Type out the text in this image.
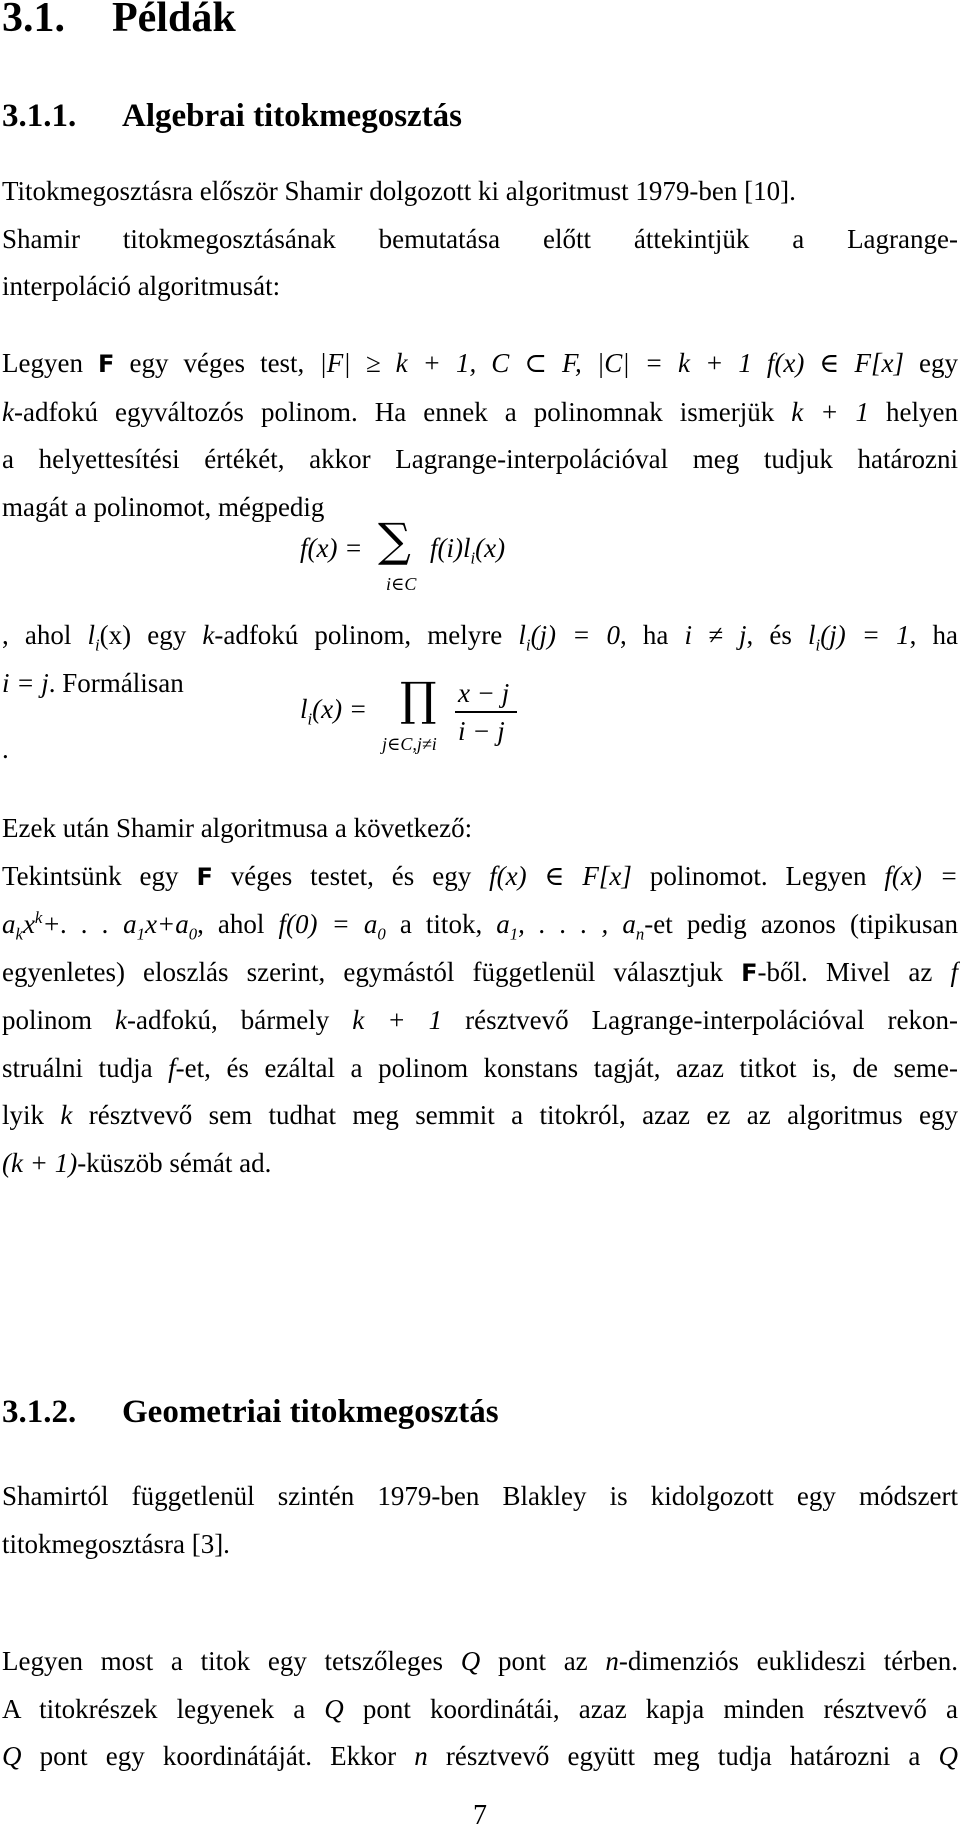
3.1. Példák
3.1.1. Algebrai titokmegosztás
Titokmegosztásra először Shamir dolgozott ki algoritmust 1979-ben [10].
Shamir titokmegosztásának bemutatása előtt áttekintjük a Lagrange-
interpoláció algoritmusát:
Legyen F egy véges test, |F| ≥ k + 1, C ⊂ F, |C| = k + 1 f(x) ∈ F[x] egy
k-adfokú egyváltozós polinom. Ha ennek a polinomnak ismerjük k + 1 helyen
a helyettesítési értékét, akkor Lagrange-interpolációval meg tudjuk határozni
magát a polinomot, mégpedig
f(x) = ∑
i∈C
$f(i)l_i(x)$
, ahol $l_i(x)$ egy k-adfokú polinom, melyre $l_i(j) = 0$, ha i ≠ j, és $l_i(j) = 1$, ha
i = j. Formálisan
$l_i(x)$ = ∏
j∈C,j≠i
x − j
i − j
.
Ezek után Shamir algoritmusa a következő:
Tekintsünk egy F véges testet, és egy f(x) ∈ F[x] polinomot. Legyen f(x) =
$a_kx^k+$. . . $a_1x+a_0$, ahol $f(0) = a_0$ a titok, $a_1$, . . . , $a_n-et$ pedig azonos (tipikusan
egyenletes) eloszlás szerint, egymástól függetlenül választjuk F-ből. Mivel az f
polinom k-adfokú, bármely k + 1 résztvevő Lagrange-interpolációval rekon-
struálni tudja f-et, és ezáltal a polinom konstans tagját, azaz titkot is, de seme-
lyik k résztvevő sem tudhat meg semmit a titokról, azaz ez az algoritmus egy
(k + 1)-küszöb sémát ad.
3.1.2. Geometriai titokmegosztás
Shamirtól függetlenül szintén 1979-ben Blakley is kidolgozott egy módszert
titokmegosztásra [3].
Legyen most a titok egy tetszőleges Q pont az n-dimenziós euklideszi térben.
A titokrészek legyenek a Q pont koordinátái, azaz kapja minden résztvevő a
Q pont egy koordinátáját. Ekkor n résztvevő együtt meg tudja határozni a Q
7
